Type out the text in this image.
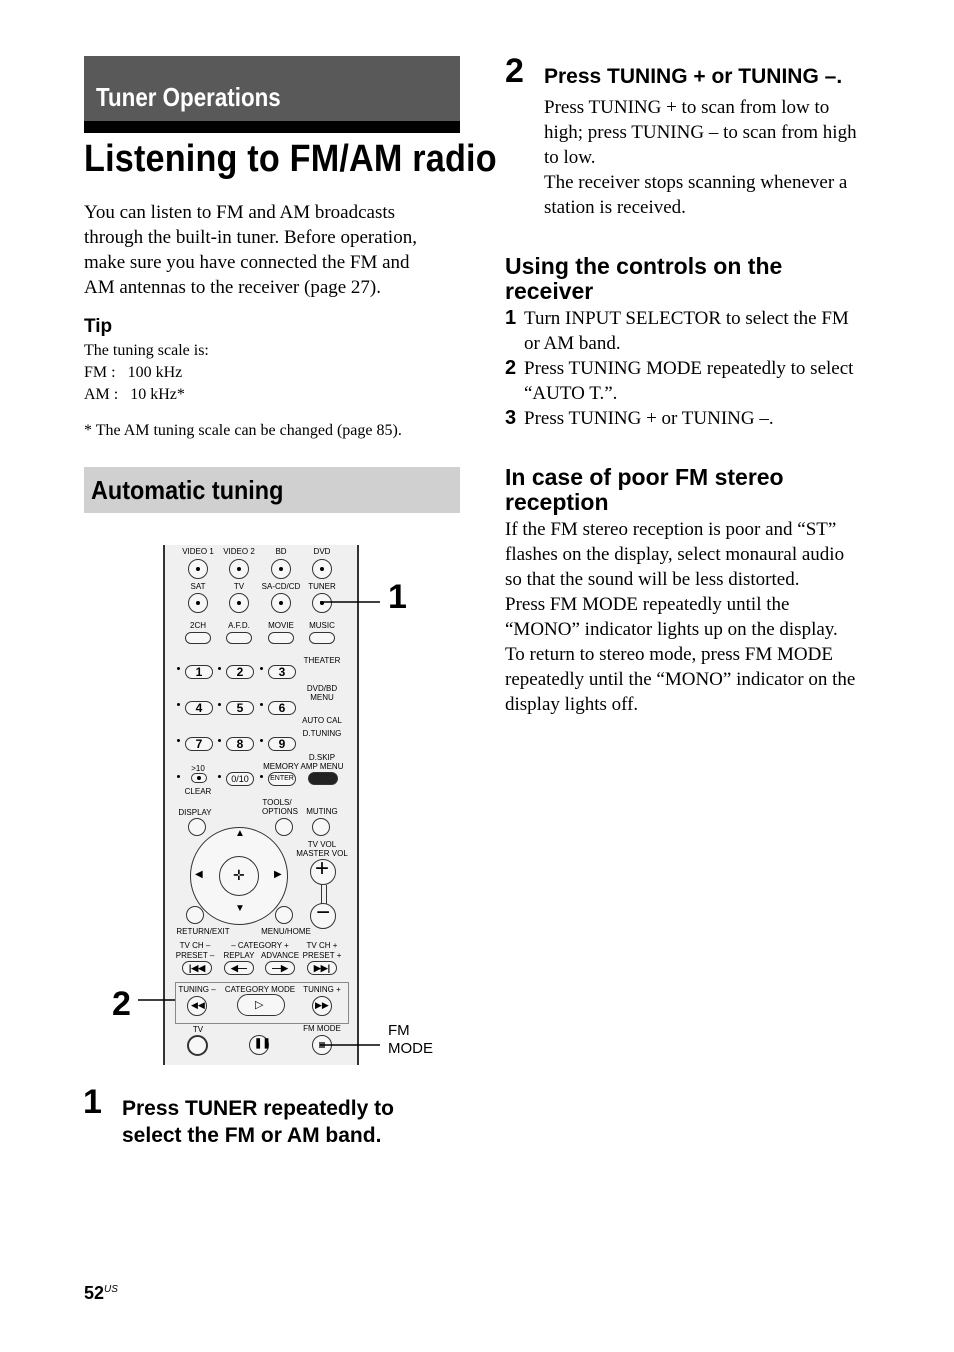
Tuner Operations
Listening to FM/AM radio
You can listen to FM and AM broadcasts
through the built-in tuner. Before operation,
make sure you have connected the FM and
AM antennas to the receiver (page 27).
Tip
The tuning scale is:
FM :   100 kHz
AM :   10 kHz*
* The AM tuning scale can be changed (page 85).
Automatic tuning
VIDEO 1 VIDEO 2	BD	DVD
SAT	TV SA-CD/CD TUNER
2CH	A.F.D. MOVIE MUSIC
THEATER
1	2	3
DVD/BD
MENU
4	5	6
AUTO CAL
D.TUNING
7	8	9
D.SKIP
AMP MENU
MEMORY
>10
0/10	ENTER
CLEAR
TOOLS/
OPTIONS
DISPLAY	MUTING
✛
▲
▼
◀	▶
TV VOL
MASTER VOL
+
−
RETURN/EXIT	MENU/HOME
TV CH –
PRESET –
– CATEGORY +
REPLAY ADVANCE
TV CH +
PRESET +
|◀◀	◀—	—▶	▶▶|
TUNING – CATEGORY MODE TUNING +
◀◀	▷	▶▶
TV	FM MODE
❚❚
1
2
FM
MODE
1 Press TUNER repeatedly to
select the FM or AM band.
2 Press TUNING + or TUNING –.
Press TUNING + to scan from low to
high; press TUNING – to scan from high
to low.
The receiver stops scanning whenever a
station is received.
Using the controls on the
receiver
1 Turn INPUT SELECTOR to select the FM
or AM band.
2 Press TUNING MODE repeatedly to select
“AUTO T.”.
3 Press TUNING + or TUNING –.
In case of poor FM stereo
reception
If the FM stereo reception is poor and “ST”
flashes on the display, select monaural audio
so that the sound will be less distorted.
Press FM MODE repeatedly until the
“MONO” indicator lights up on the display.
To return to stereo mode, press FM MODE
repeatedly until the “MONO” indicator on the
display lights off.
$52^{US}$
